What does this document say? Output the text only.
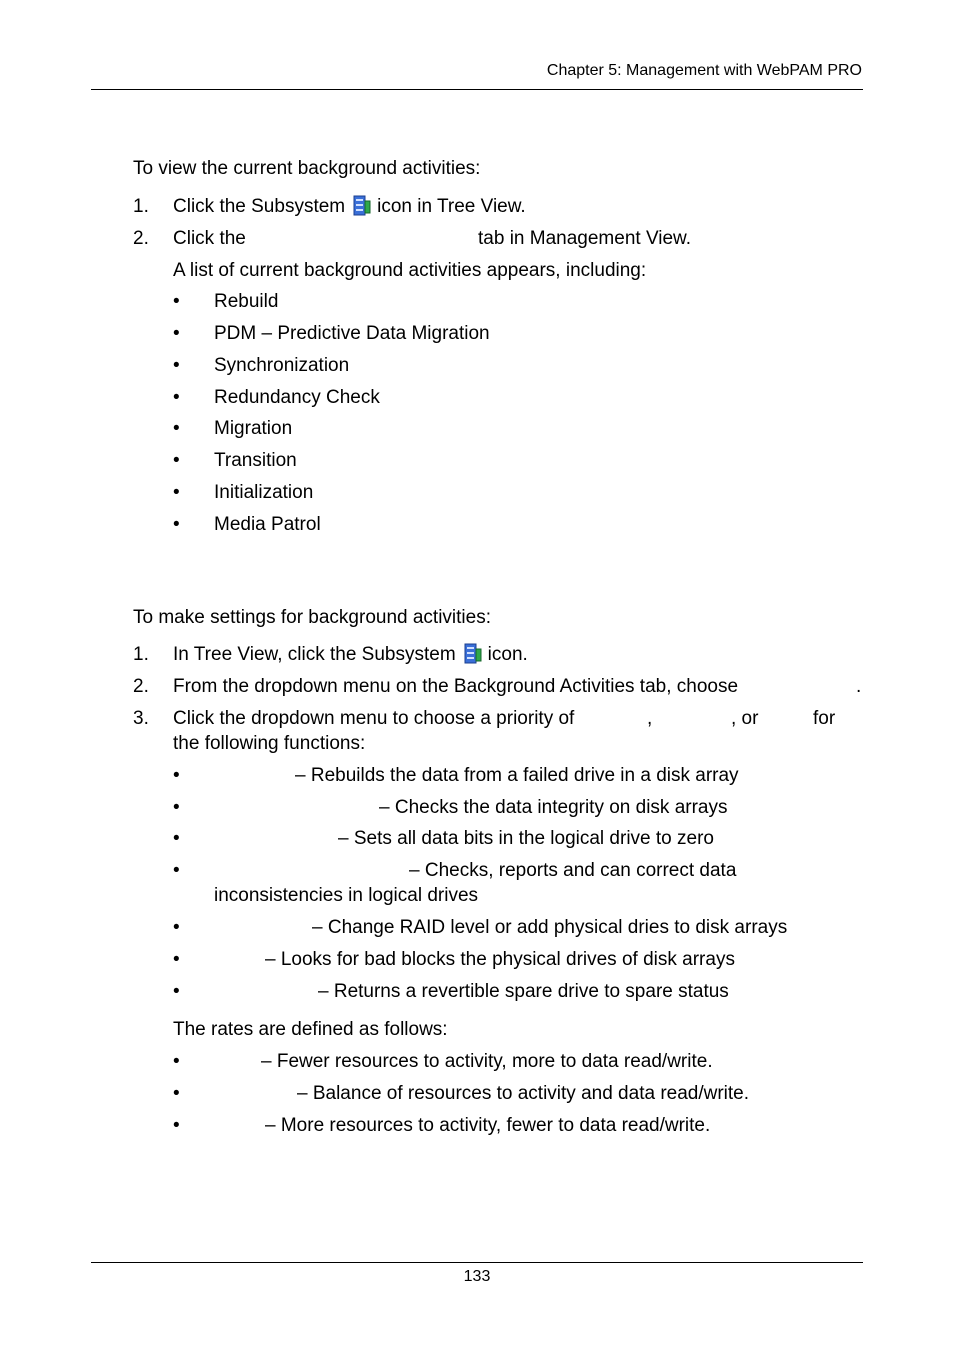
Chapter 5: Management with WebPAM PRO
To view the current background activities:
1. Click the Subsystem icon in Tree View.
2. Click the	tab in Management View.
A list of current background activities appears, including:
• Rebuild
• PDM – Predictive Data Migration
• Synchronization
• Redundancy Check
• Migration
• Transition
• Initialization
• Media Patrol
To make settings for background activities:
1. In Tree View, click the Subsystem icon.
2. From the dropdown menu on the Background Activities tab, choose	.
3. Click the dropdown menu to choose a priority of	,	, or	for
the following functions:
•	– Rebuilds the data from a failed drive in a disk array
•	– Checks the data integrity on disk arrays
•	– Sets all data bits in the logical drive to zero
•	– Checks, reports and can correct data
inconsistencies in logical drives
•	– Change RAID level or add physical dries to disk arrays
•	– Looks for bad blocks the physical drives of disk arrays
•	– Returns a revertible spare drive to spare status
The rates are defined as follows:
•	– Fewer resources to activity, more to data read/write.
•	– Balance of resources to activity and data read/write.
•	– More resources to activity, fewer to data read/write.
133
